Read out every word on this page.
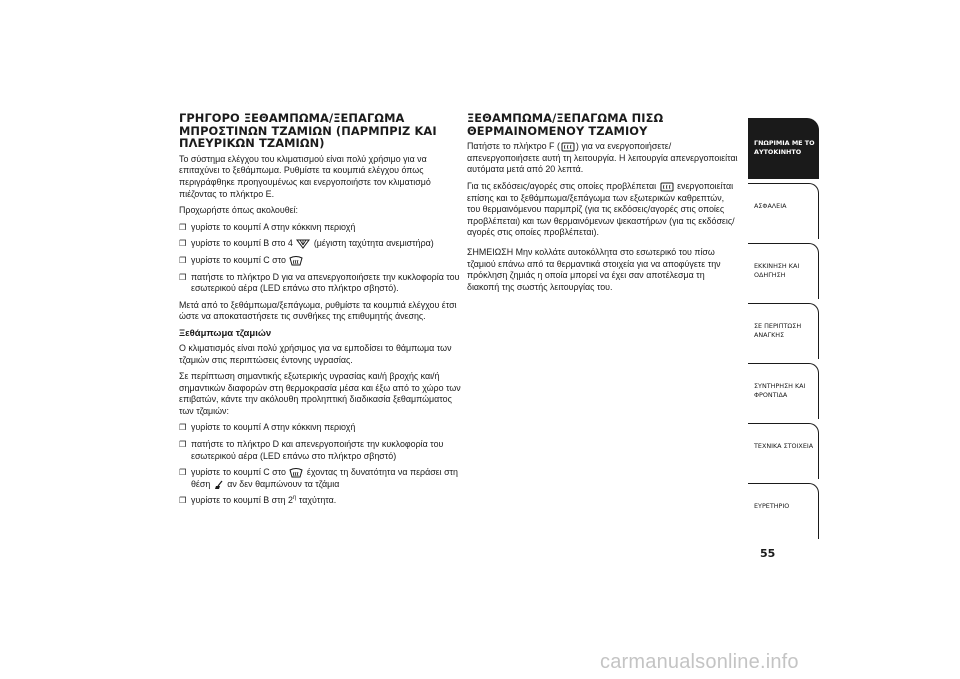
ΓΡΗΓΟΡΟ ΞΕΘΑΜΠΩΜΑ/ΞΕΠΑΓΩΜΑ ΜΠΡΟΣΤΙΝΩΝ ΤΖΑΜΙΩΝ (ΠΑΡΜΠΡΙΖ ΚΑΙ ΠΛΕΥΡΙΚΩΝ ΤΖΑΜΙΩΝ)

Το σύστημα ελέγχου του κλιματισμού είναι πολύ χρήσιμο για να επιταχύνει το ξεθάμπωμα. Ρυθμίστε τα κουμπιά ελέγχου όπως περιγράφθηκε προηγουμένως και ενεργοποιήστε τον κλιματισμό πιέζοντας το πλήκτρο E.

Προχωρήστε όπως ακολουθεί:

❐ γυρίστε το κουμπί A στην κόκκινη περιοχή
❐ γυρίστε το κουμπί B στο 4 (μέγιστη ταχύτητα ανεμιστήρα)
❐ γυρίστε το κουμπί C στο
❐ πατήστε το πλήκτρο D για να απενεργοποιήσετε την κυκλοφορία του εσωτερικού αέρα (LED επάνω στο πλήκτρο σβηστό).

Μετά από το ξεθάμπωμα/ξεπάγωμα, ρυθμίστε τα κουμπιά ελέγχου έτσι ώστε να αποκαταστήσετε τις συνθήκες της επιθυμητής άνεσης.

Ξεθάμπωμα τζαμιών

Ο κλιματισμός είναι πολύ χρήσιμος για να εμποδίσει το θάμπωμα των τζαμιών στις περιπτώσεις έντονης υγρασίας.

Σε περίπτωση σημαντικής εξωτερικής υγρασίας και/ή βροχής και/ή σημαντικών διαφορών στη θερμοκρασία μέσα και έξω από το χώρο των επιβατών, κάντε την ακόλουθη προληπτική διαδικασία ξεθαμπώματος των τζαμιών:

❐ γυρίστε το κουμπί A στην κόκκινη περιοχή
❐ πατήστε το πλήκτρο D και απενεργοποιήστε την κυκλοφορία του εσωτερικού αέρα (LED επάνω στο πλήκτρο σβηστό)
❐ γυρίστε το κουμπί C στο έχοντας τη δυνατότητα να περάσει στη θέση αν δεν θαμπώνουν τα τζάμια
❐ γυρίστε το κουμπί B στη $2^\eta$ ταχύτητα.
ΞΕΘΑΜΠΩΜΑ/ΞΕΠΑΓΩΜΑ ΠΙΣΩ ΘΕΡΜΑΙΝΟΜΕΝΟΥ ΤΖΑΜΙΟΥ

Πατήστε το πλήκτρο F ( ) για να ενεργοποιήσετε/απενεργοποιήσετε αυτή τη λειτουργία. Η λειτουργία απενεργοποιείται αυτόματα μετά από 20 λεπτά.

Για τις εκδόσεις/αγορές στις οποίες προβλέπεται ενεργοποιείται επίσης και το ξεθάμπωμα/ξεπάγωμα των εξωτερικών καθρεπτών, του θερμαινόμενου παρμπρίζ (για τις εκδόσεις/αγορές στις οποίες προβλέπεται) και των θερμαινόμενων ψεκαστήρων (για τις εκδόσεις/αγορές στις οποίες προβλέπεται).

ΣΗΜΕΙΩΣΗ Μην κολλάτε αυτοκόλλητα στο εσωτερικό του πίσω τζαμιού επάνω από τα θερμαντικά στοιχεία για να αποφύγετε την πρόκληση ζημιάς η οποία μπορεί να έχει σαν αποτέλεσμα τη διακοπή της σωστής λειτουργίας του.

ΓΝΩΡΙΜΙΑ ΜΕ ΤΟ ΑΥΤΟΚΙΝΗΤΟ
ΑΣΦΑΛΕΙΑ
ΕΚΚΙΝΗΣΗ ΚΑΙ ΟΔΗΓΗΣΗ
ΣΕ ΠΕΡΙΠΤΩΣΗ ΑΝΑΓΚΗΣ
ΣΥΝΤΗΡΗΣΗ ΚΑΙ ΦΡΟΝΤΙΔΑ
ΤΕΧΝΙΚΑ ΣΤΟΙΧΕΙΑ
ΕΥΡΕΤΗΡΙΟ
55
carmanualsonline.info
